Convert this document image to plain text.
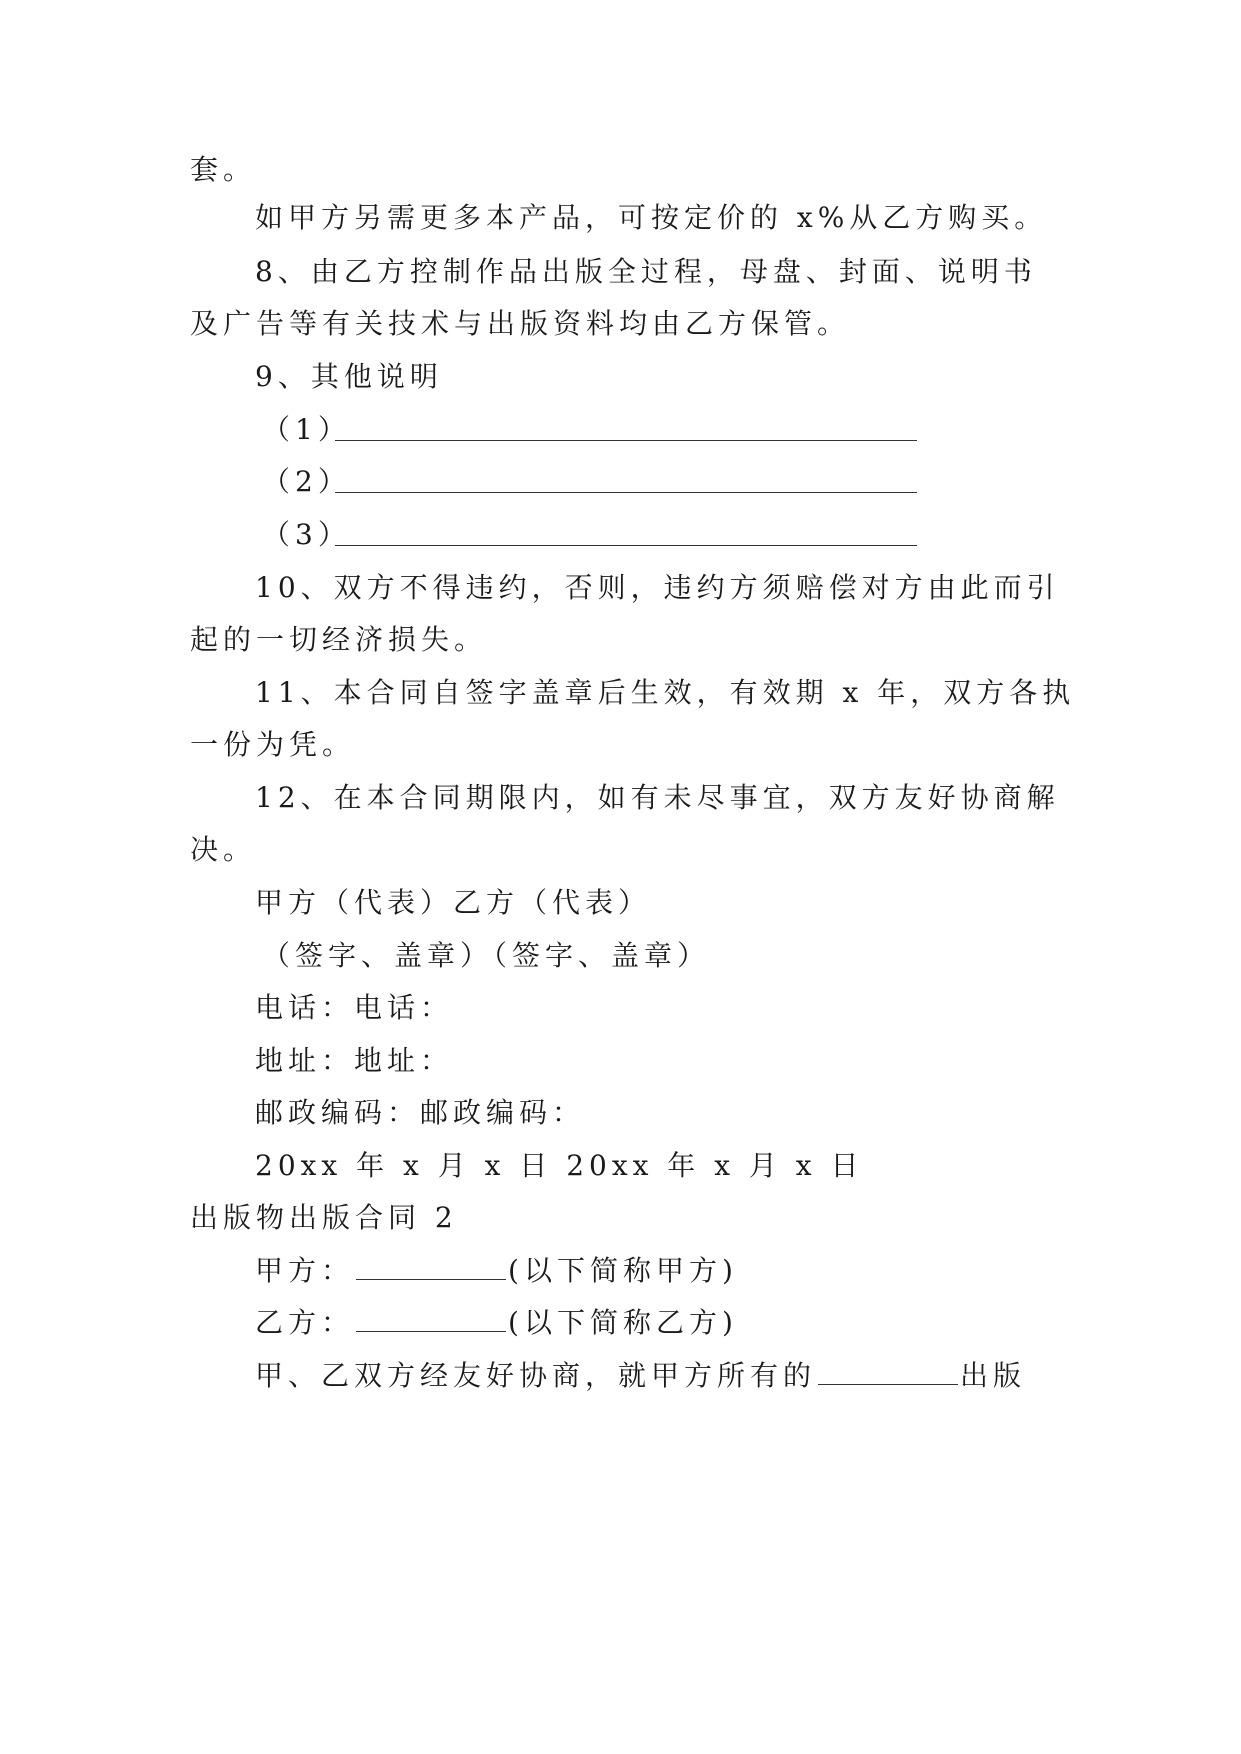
套。
如甲方另需更多本产品，可按定价的 x%从乙方购买。
8、由乙方控制作品出版全过程，母盘、封面、说明书
及广告等有关技术与出版资料均由乙方保管。
9、其他说明
（1）
（2）
（3）
10、双方不得违约，否则，违约方须赔偿对方由此而引
起的一切经济损失。
11、本合同自签字盖章后生效，有效期 x 年，双方各执
一份为凭。
12、在本合同期限内，如有未尽事宜，双方友好协商解
决。
甲方（代表）乙方（代表）
（签字、盖章）（签字、盖章）
电话：电话：
地址：地址：
邮政编码：邮政编码：
20xx 年 x 月 x 日 20xx 年 x 月 x 日
出版物出版合同 2
甲方：	(以下简称甲方)
乙方：	(以下简称乙方)
甲、乙双方经友好协商，就甲方所有的	出版
